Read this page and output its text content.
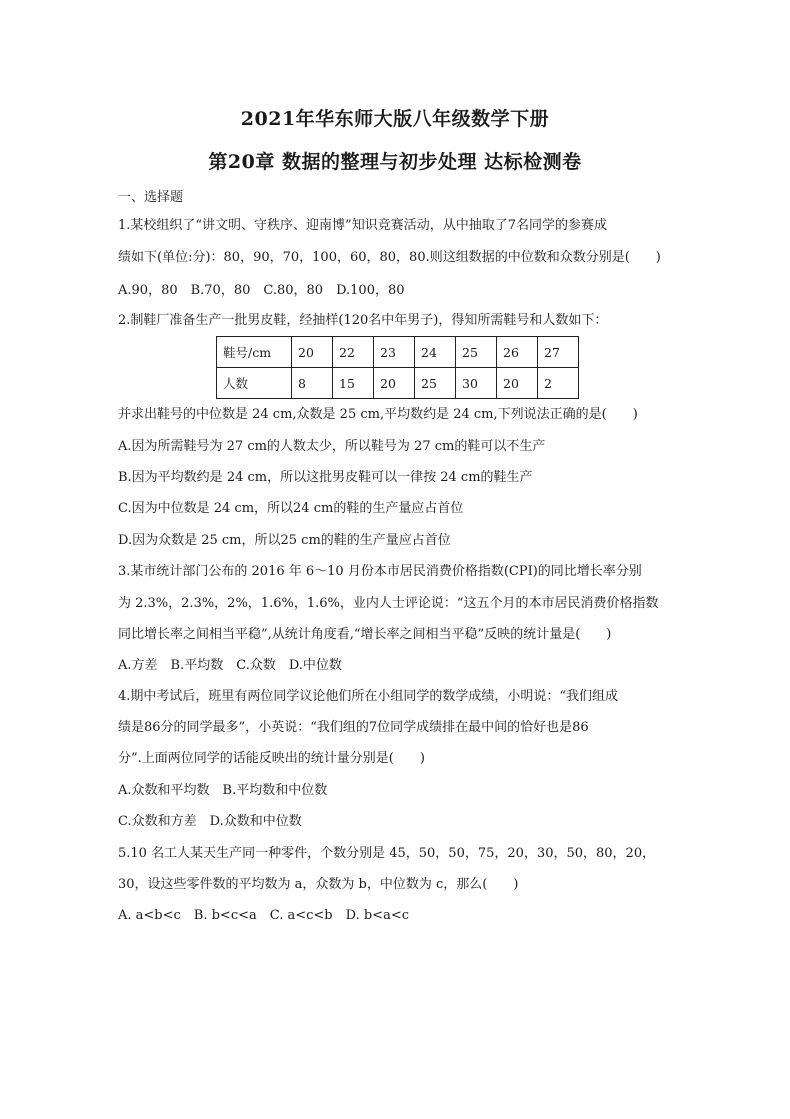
2021年华东师大版八年级数学下册
第20章 数据的整理与初步处理 达标检测卷
一、选择题
1.某校组织了“讲文明、守秩序、迎南博”知识竞赛活动，从中抽取了7名同学的参赛成
绩如下(单位:分)：80，90，70，100，60，80，80.则这组数据的中位数和众数分别是(　　)
A.90，80　B.70，80　C.80，80　D.100，80
2.制鞋厂准备生产一批男皮鞋，经抽样(120名中年男子)，得知所需鞋号和人数如下：
鞋号/cm	20	22	23	24	25	26	27
人数	8	15	20	25	30	20	2
并求出鞋号的中位数是 24 cm,众数是 25 cm,平均数约是 24 cm,下列说法正确的是(　　)
A.因为所需鞋号为 27 cm的人数太少，所以鞋号为 27 cm的鞋可以不生产
B.因为平均数约是 24 cm，所以这批男皮鞋可以一律按 24 cm的鞋生产
C.因为中位数是 24 cm，所以24 cm的鞋的生产量应占首位
D.因为众数是 25 cm，所以25 cm的鞋的生产量应占首位
3.某市统计部门公布的 2016 年 6～10 月份本市居民消费价格指数(CPI)的同比增长率分别
为 2.3%，2.3%，2%，1.6%，1.6%，业内人士评论说：“这五个月的本市居民消费价格指数
同比增长率之间相当平稳”,从统计角度看,“增长率之间相当平稳”反映的统计量是(　　)
A.方差　B.平均数　C.众数　D.中位数
4.期中考试后，班里有两位同学议论他们所在小组同学的数学成绩，小明说：“我们组成
绩是86分的同学最多”，小英说：“我们组的7位同学成绩排在最中间的恰好也是86
分”.上面两位同学的话能反映出的统计量分别是(　　)
A.众数和平均数　B.平均数和中位数
C.众数和方差　D.众数和中位数
5.10 名工人某天生产同一种零件，个数分别是 45，50，50，75，20，30，50，80，20，
30，设这些零件数的平均数为 a，众数为 b，中位数为 c，那么(　　)
A. a<b<c　B. b<c<a　C. a<c<b　D. b<a<c
